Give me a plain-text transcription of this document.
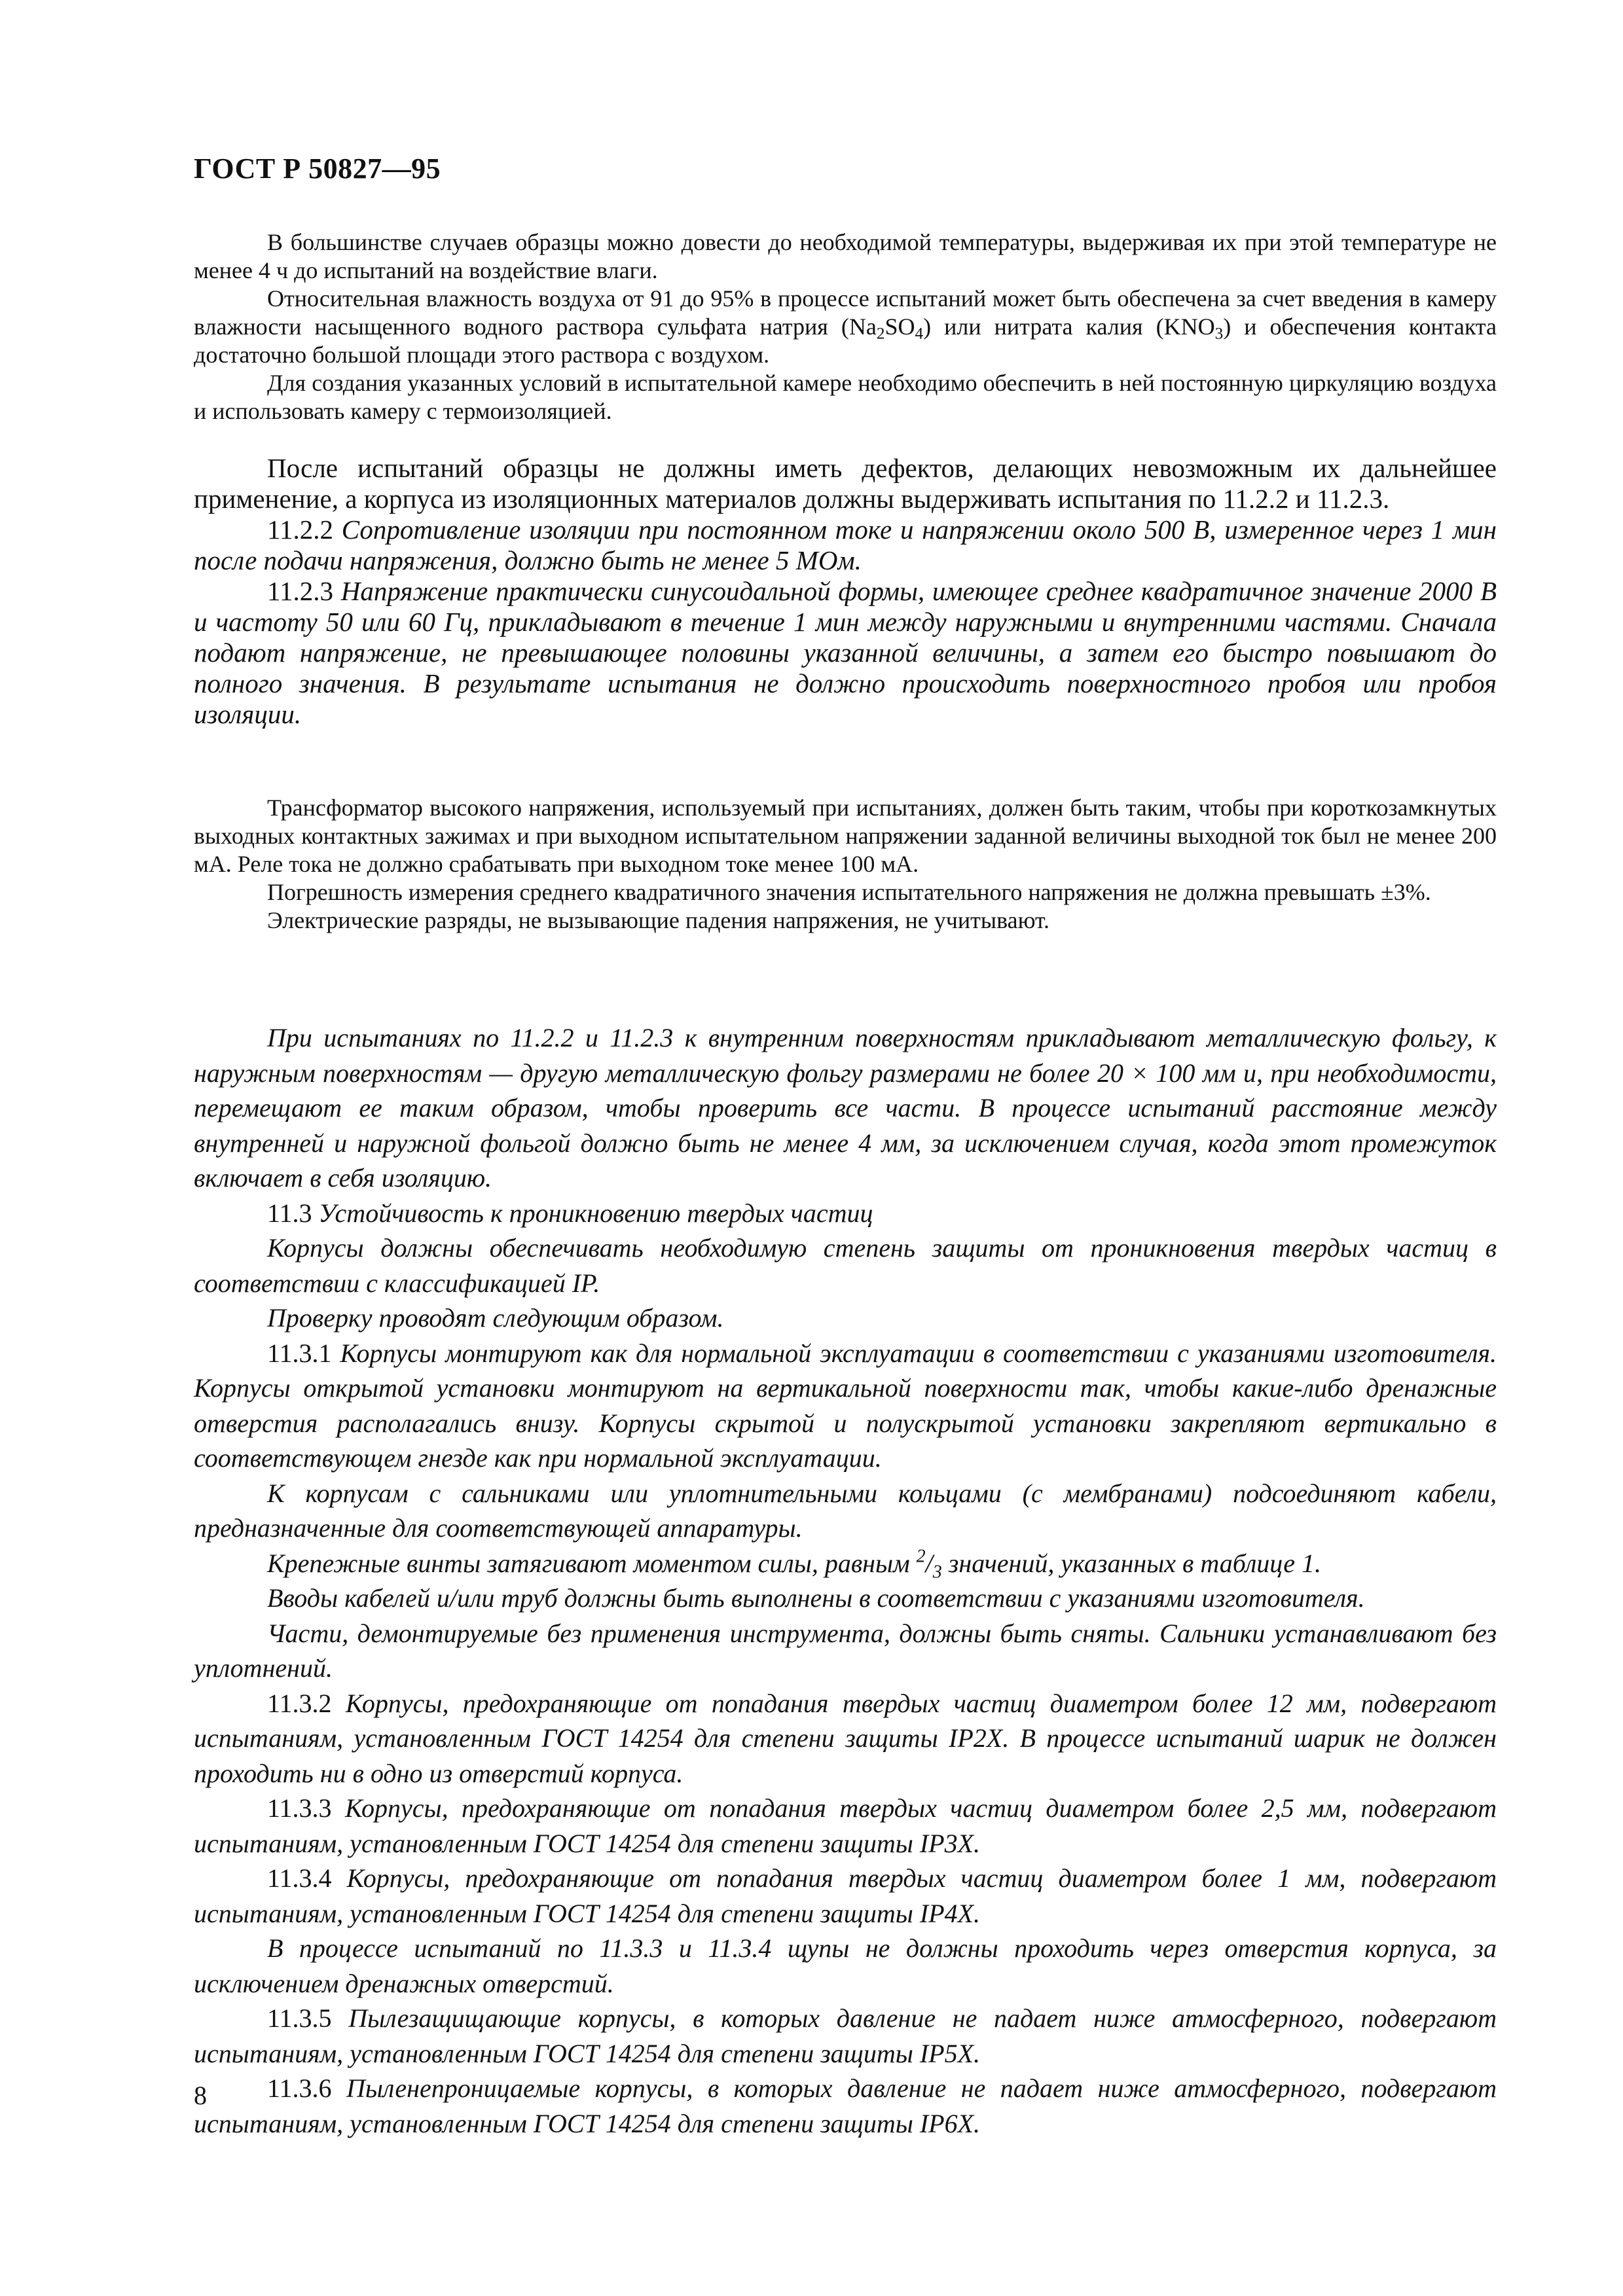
ГОСТ Р 50827—95

В большинстве случаев образцы можно довести до необходимой температуры, выдерживая их при этой температуре не менее 4 ч до испытаний на воздействие влаги.

Относительная влажность воздуха от 91 до 95% в процессе испытаний может быть обеспечена за счет введения в камеру влажности насыщенного водного раствора сульфата натрия $(Na_2SO_4)$ или нитрата калия $(KNO_3)$ и обеспечения контакта достаточно большой площади этого раствора с воздухом.

Для создания указанных условий в испытательной камере необходимо обеспечить в ней постоянную циркуляцию воздуха и использовать камеру с термоизоляцией.

После испытаний образцы не должны иметь дефектов, делающих невозможным их дальнейшее применение, а корпуса из изоляционных материалов должны выдерживать испытания по 11.2.2 и 11.2.3.

11.2.2 Сопротивление изоляции при постоянном токе и напряжении около 500 В, измеренное через 1 мин после подачи напряжения, должно быть не менее 5 МОм.

11.2.3 Напряжение практически синусоидальной формы, имеющее среднее квадратичное значение 2000 В и частоту 50 или 60 Гц, прикладывают в течение 1 мин между наружными и внутренними частями. Сначала подают напряжение, не превышающее половины указанной величины, а затем его быстро повышают до полного значения. В результате испытания не должно происходить поверхностного пробоя или пробоя изоляции.

Трансформатор высокого напряжения, используемый при испытаниях, должен быть таким, чтобы при короткозамкнутых выходных контактных зажимах и при выходном испытательном напряжении заданной величины выходной ток был не менее 200 мА. Реле тока не должно срабатывать при выходном токе менее 100 мА.

Погрешность измерения среднего квадратичного значения испытательного напряжения не должна превышать ±3%.

Электрические разряды, не вызывающие падения напряжения, не учитывают.

При испытаниях по 11.2.2 и 11.2.3 к внутренним поверхностям прикладывают металлическую фольгу, к наружным поверхностям — другую металлическую фольгу размерами не более 20 × 100 мм и, при необходимости, перемещают ее таким образом, чтобы проверить все части. В процессе испытаний расстояние между внутренней и наружной фольгой должно быть не менее 4 мм, за исключением случая, когда этот промежуток включает в себя изоляцию.

11.3 Устойчивость к проникновению твердых частиц

Корпусы должны обеспечивать необходимую степень защиты от проникновения твердых частиц в соответствии с классификацией IP.

Проверку проводят следующим образом.

11.3.1 Корпусы монтируют как для нормальной эксплуатации в соответствии с указаниями изготовителя. Корпусы открытой установки монтируют на вертикальной поверхности так, чтобы какие-либо дренажные отверстия располагались внизу. Корпусы скрытой и полускрытой установки закрепляют вертикально в соответствующем гнезде как при нормальной эксплуатации.

К корпусам с сальниками или уплотнительными кольцами (с мембранами) подсоединяют кабели, предназначенные для соответствующей аппаратуры.

Крепежные винты затягивают моментом силы, равным $^2/_3$ значений, указанных в таблице 1.

Вводы кабелей и/или труб должны быть выполнены в соответствии с указаниями изготовителя.

Части, демонтируемые без применения инструмента, должны быть сняты. Сальники устанавливают без уплотнений.

11.3.2 Корпусы, предохраняющие от попадания твердых частиц диаметром более 12 мм, подвергают испытаниям, установленным ГОСТ 14254 для степени защиты IP2X. В процессе испытаний шарик не должен проходить ни в одно из отверстий корпуса.

11.3.3 Корпусы, предохраняющие от попадания твердых частиц диаметром более 2,5 мм, подвергают испытаниям, установленным ГОСТ 14254 для степени защиты IP3X.

11.3.4 Корпусы, предохраняющие от попадания твердых частиц диаметром более 1 мм, подвергают испытаниям, установленным ГОСТ 14254 для степени защиты IP4X.

В процессе испытаний по 11.3.3 и 11.3.4 щупы не должны проходить через отверстия корпуса, за исключением дренажных отверстий.

11.3.5 Пылезащищающие корпусы, в которых давление не падает ниже атмосферного, подвергают испытаниям, установленным ГОСТ 14254 для степени защиты IP5X.

11.3.6 Пыленепроницаемые корпусы, в которых давление не падает ниже атмосферного, подвергают испытаниям, установленным ГОСТ 14254 для степени защиты IP6X.

8
